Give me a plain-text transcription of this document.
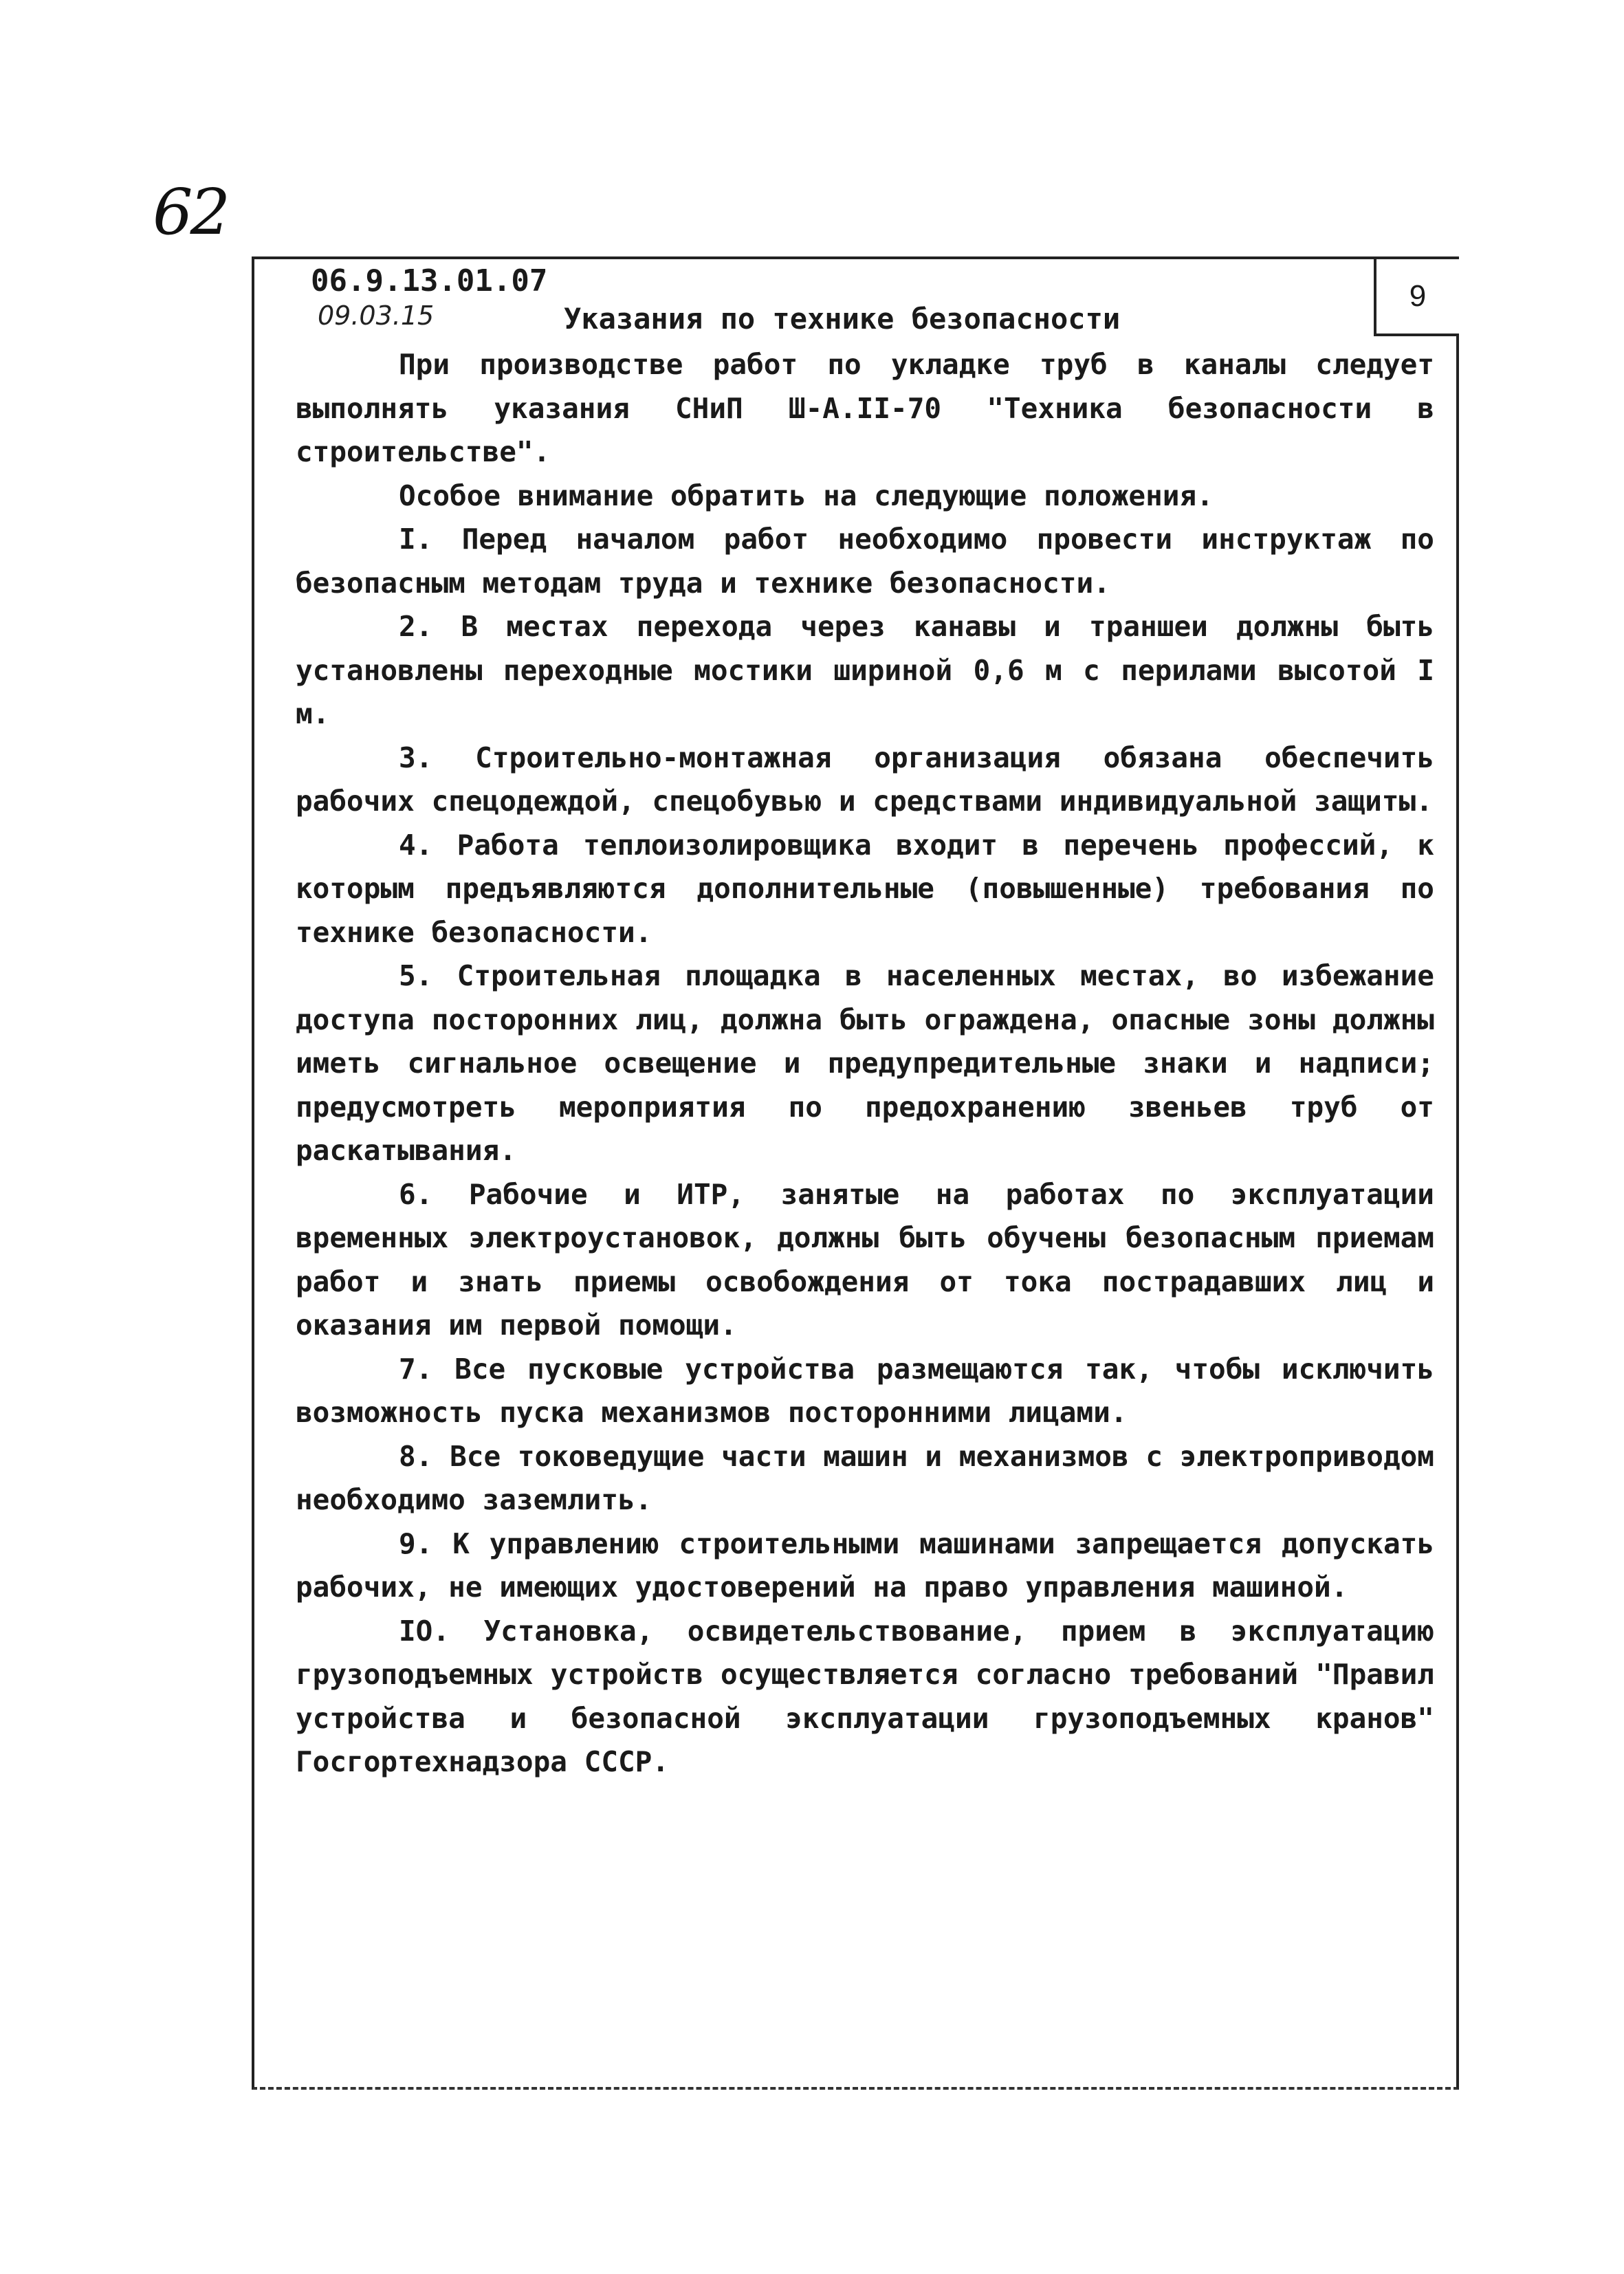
62
9
06.9.13.01.07
09.03.15	Указания по технике безопасности

При производстве работ по укладке труб в каналы следует выполнять указания СНиП Ш-А.II-70 "Техника безопасности в строительстве".

Особое внимание обратить на следующие положения.

I. Перед началом работ необходимо провести инструктаж по безопасным методам труда и технике безопасности.

2. В местах перехода через канавы и траншеи должны быть установлены переходные мостики шириной 0,6 м с перилами высотой I м.

3. Строительно-монтажная организация обязана обеспечить рабочих спецодеждой, спецобувью и средствами индивидуальной защиты.

4. Работа теплоизолировщика входит в перечень профессий, к которым предъявляются дополнительные (повышенные) требования по технике безопасности.

5. Строительная площадка в населенных местах, во избежание доступа посторонних лиц, должна быть ограждена, опасные зоны должны иметь сигнальное освещение и предупредительные знаки и надписи; предусмотреть мероприятия по предохранению звеньев труб от раскатывания.

6. Рабочие и ИТР, занятые на работах по эксплуатации временных электроустановок, должны быть обучены безопасным приемам работ и знать приемы освобождения от тока пострадавших лиц и оказания им первой помощи.

7. Все пусковые устройства размещаются так, чтобы исключить возможность пуска механизмов посторонними лицами.

8. Все токоведущие части машин и механизмов с электроприводом необходимо заземлить.

9. К управлению строительными машинами запрещается допускать рабочих, не имеющих удостоверений на право управления машиной.

IO. Установка, освидетельствование, прием в эксплуатацию грузоподъемных устройств осуществляется согласно требований "Правил устройства и безопасной эксплуатации грузоподъемных кранов" Госгортехнадзора СССР.
